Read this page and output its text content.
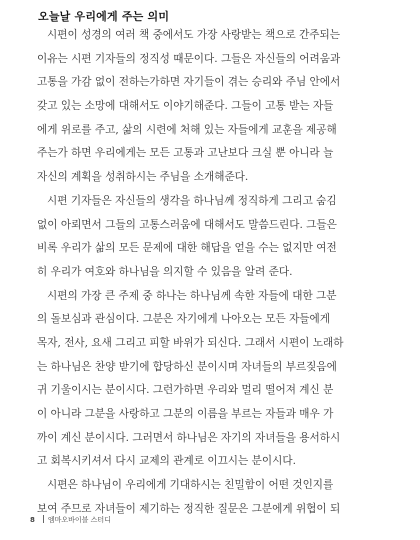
오늘날 우리에게 주는 의미
시편이 성경의 여러 책 중에서도 가장 사랑받는 책으로 간주되는
이유는 시편 기자들의 정직성 때문이다. 그들은 자신들의 어려움과
고통을 가감 없이 전하는가하면 자기들이 겪는 승리와 주님 안에서
갖고 있는 소망에 대해서도 이야기해준다. 그들이 고통 받는 자들
에게 위로를 주고, 삶의 시련에 처해 있는 자들에게 교훈을 제공해
주는가 하면 우리에게는 모든 고통과 고난보다 크실 뿐 아니라 늘
자신의 계획을 성취하시는 주님을 소개해준다.
시편 기자들은 자신들의 생각을 하나님께 정직하게 그리고 숨김
없이 아뢰면서 그들의 고통스러움에 대해서도 말씀드린다. 그들은
비록 우리가 삶의 모든 문제에 대한 해답을 얻을 수는 없지만 여전
히 우리가 여호와 하나님을 의지할 수 있음을 알려 준다.
시편의 가장 큰 주제 중 하나는 하나님께 속한 자들에 대한 그분
의 돌보심과 관심이다. 그분은 자기에게 나아오는 모든 자들에게
목자, 전사, 요새 그리고 피할 바위가 되신다. 그래서 시편이 노래하
는 하나님은 찬양 받기에 합당하신 분이시며 자녀들의 부르짖음에
귀 기울이시는 분이시다. 그런가하면 우리와 멀리 떨어져 계신 분
이 아니라 그분을 사랑하고 그분의 이름을 부르는 자들과 매우 가
까이 계신 분이시다. 그러면서 하나님은 자기의 자녀들을 용서하시
고 회복시키셔서 다시 교제의 관계로 이끄시는 분이시다.
시편은 하나님이 우리에게 기대하시는 친밀함이 어떤 것인지를
보여 주므로 자녀들이 제기하는 정직한 질문은 그분에게 위협이 되
8 엠마오바이블 스터디
